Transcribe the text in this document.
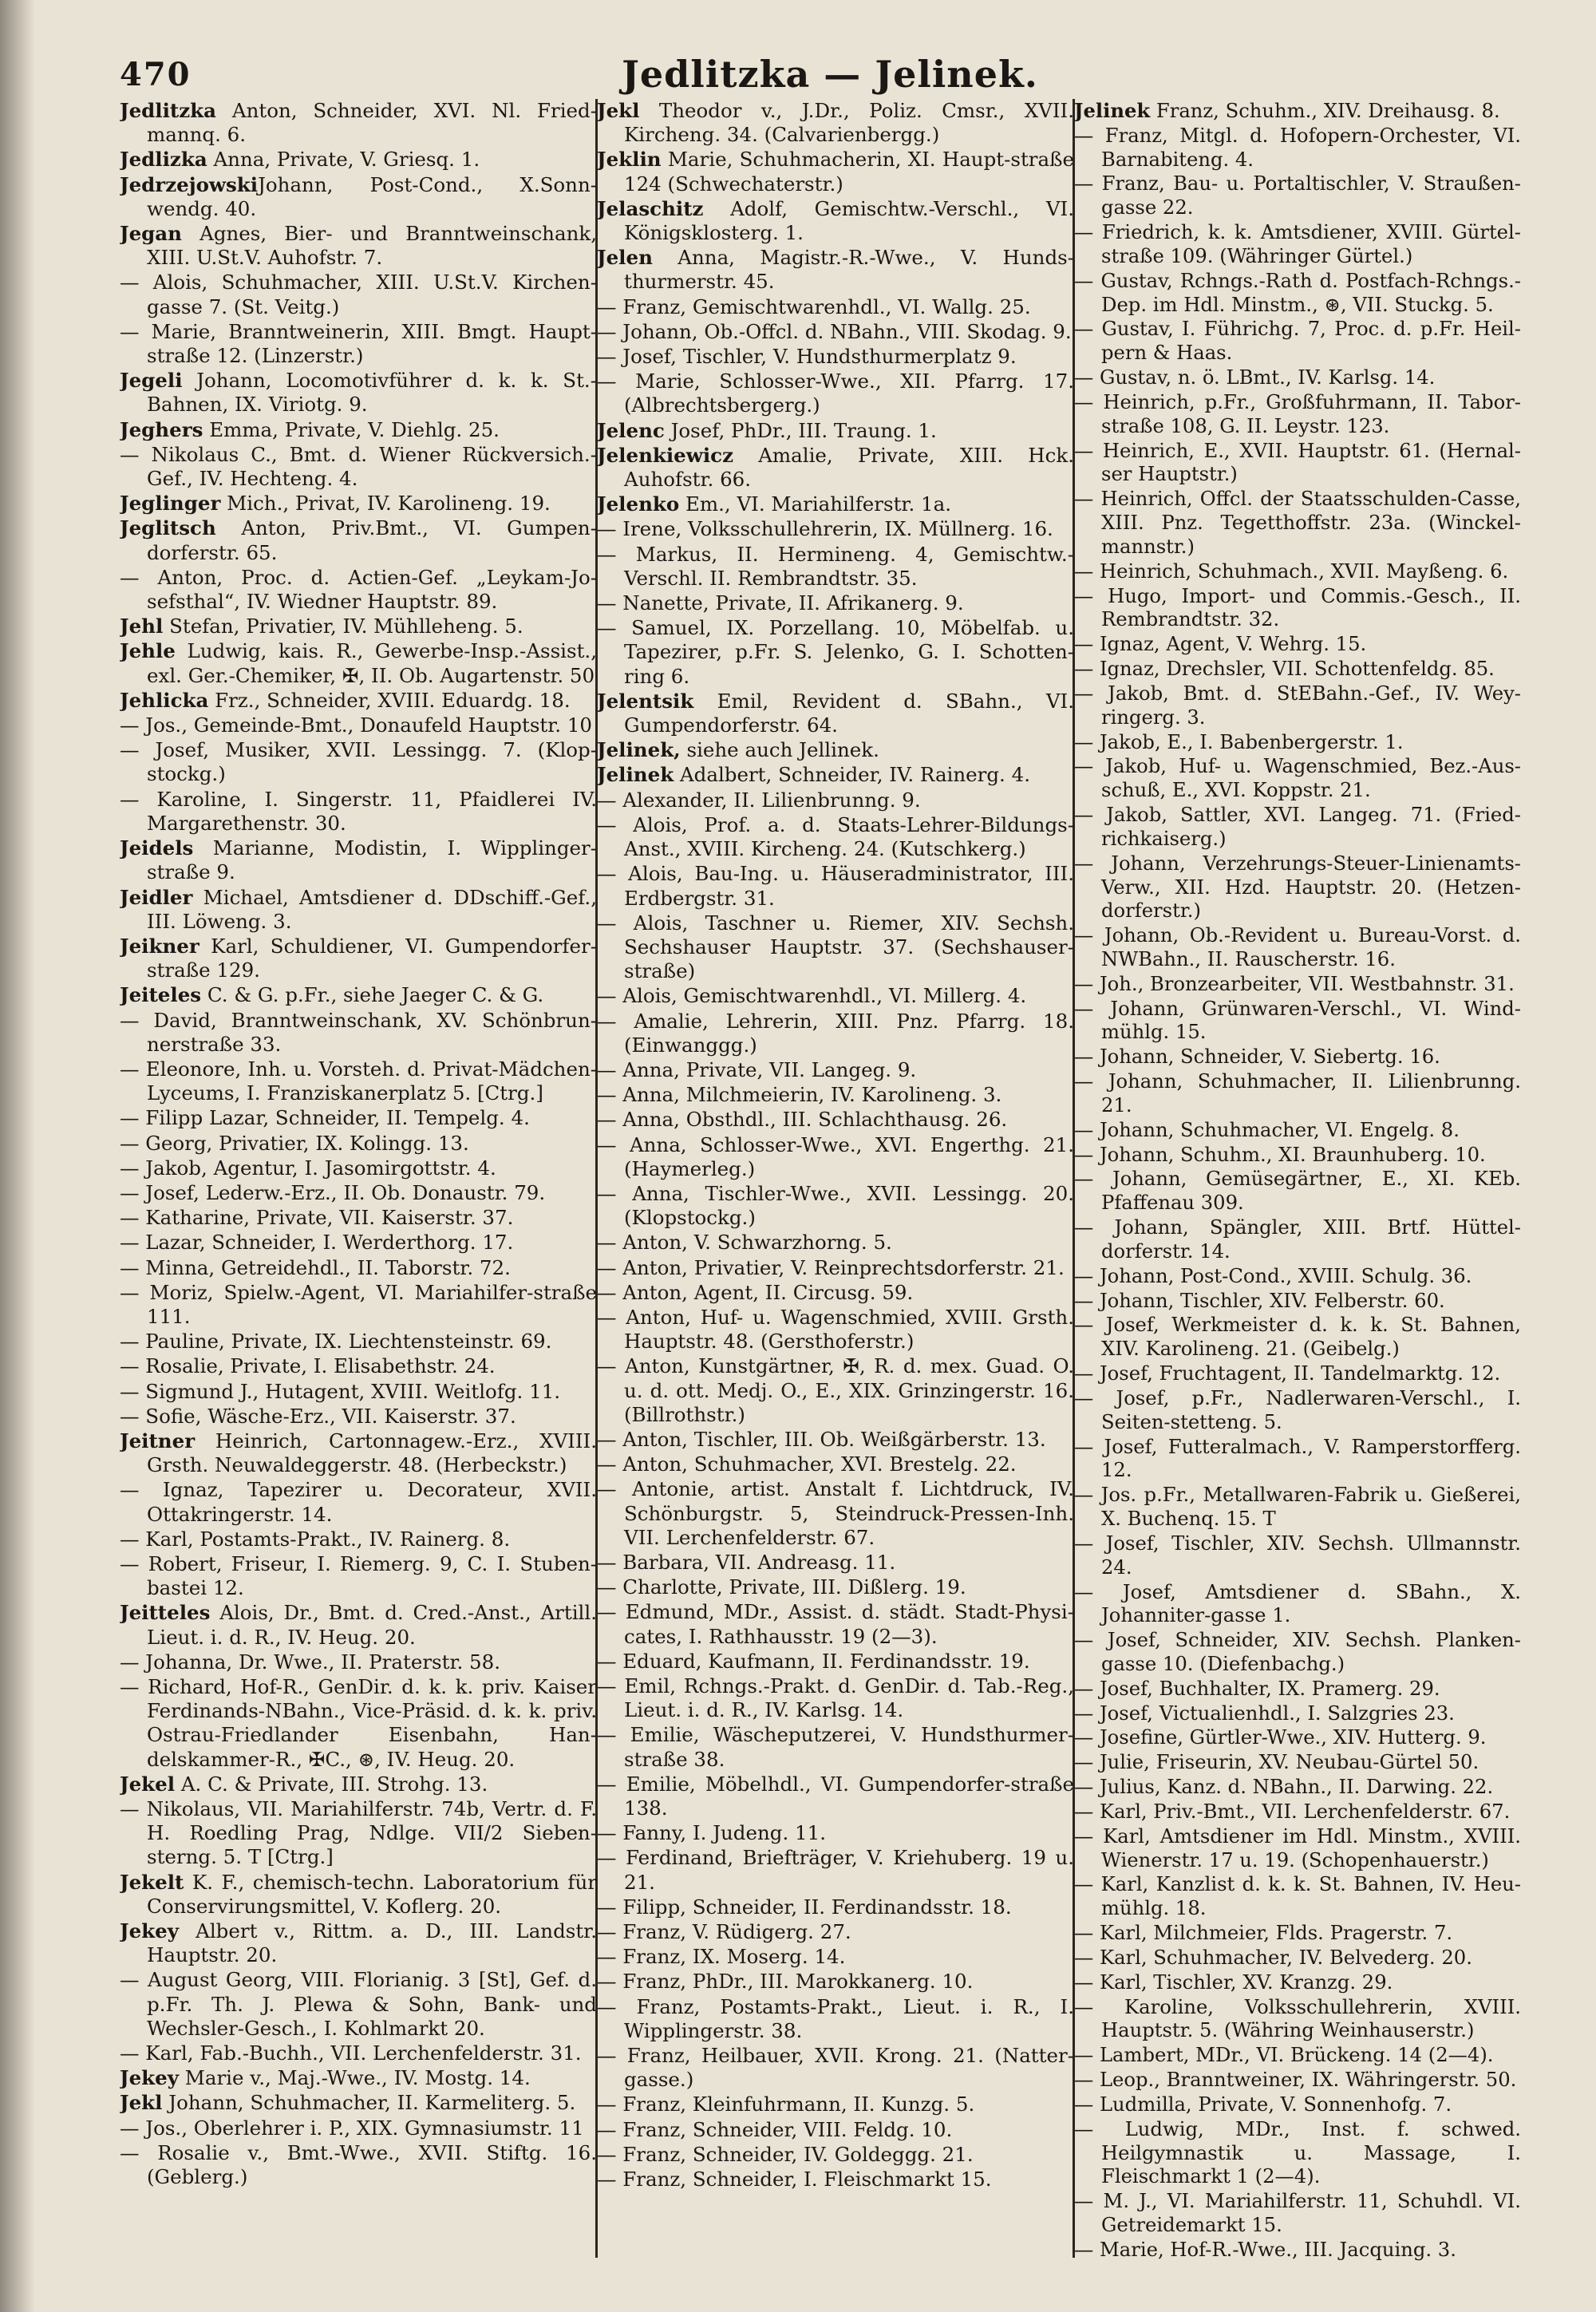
470	Jedlitzka — Jelinek.

Jedlitzka Anton, Schneider, XVI. Nl. Fried-mannq. 6.

Jedlizka Anna, Private, V. Griesq. 1.

JedrzejowskiJohann, Post-Cond., X.Sonn-wendg. 40.

Jegan Agnes, Bier- und Branntweinschank, XIII. U.St.V. Auhofstr. 7.

— Alois, Schuhmacher, XIII. U.St.V. Kirchen-gasse 7. (St. Veitg.)

— Marie, Branntweinerin, XIII. Bmgt. Haupt-straße 12. (Linzerstr.)

Jegeli Johann, Locomotivführer d. k. k. St.-Bahnen, IX. Viriotg. 9.

Jeghers Emma, Private, V. Diehlg. 25.

— Nikolaus C., Bmt. d. Wiener Rückversich.-Gef., IV. Hechteng. 4.

Jeglinger Mich., Privat, IV. Karolineng. 19.

Jeglitsch Anton, Priv.Bmt., VI. Gumpen-dorferstr. 65.

— Anton, Proc. d. Actien-Gef. „Leykam-Jo-sefsthal“, IV. Wiedner Hauptstr. 89.

Jehl Stefan, Privatier, IV. Mühlleheng. 5.

Jehle Ludwig, kais. R., Gewerbe-Insp.-Assist., exl. Ger.-Chemiker, ✠, II. Ob. Augartenstr. 50

Jehlicka Frz., Schneider, XVIII. Eduardg. 18.

— Jos., Gemeinde-Bmt., Donaufeld Hauptstr. 10

— Josef, Musiker, XVII. Lessingg. 7. (Klop-stockg.)

— Karoline, I. Singerstr. 11, Pfaidlerei IV. Margarethenstr. 30.

Jeidels Marianne, Modistin, I. Wipplinger-straße 9.

Jeidler Michael, Amtsdiener d. DDschiff.-Gef., III. Löweng. 3.

Jeikner Karl, Schuldiener, VI. Gumpendorfer-straße 129.

Jeiteles C. & G. p.Fr., siehe Jaeger C. & G.

— David, Branntweinschank, XV. Schönbrun-nerstraße 33.

— Eleonore, Inh. u. Vorsteh. d. Privat-Mädchen-Lyceums, I. Franziskanerplatz 5. [Ctrg.]

— Filipp Lazar, Schneider, II. Tempelg. 4.

— Georg, Privatier, IX. Kolingg. 13.

— Jakob, Agentur, I. Jasomirgottstr. 4.

— Josef, Lederw.-Erz., II. Ob. Donaustr. 79.

— Katharine, Private, VII. Kaiserstr. 37.

— Lazar, Schneider, I. Werderthorg. 17.

— Minna, Getreidehdl., II. Taborstr. 72.

— Moriz, Spielw.-Agent, VI. Mariahilfer-straße 111.

— Pauline, Private, IX. Liechtensteinstr. 69.

— Rosalie, Private, I. Elisabethstr. 24.

— Sigmund J., Hutagent, XVIII. Weitlofg. 11.

— Sofie, Wäsche-Erz., VII. Kaiserstr. 37.

Jeitner Heinrich, Cartonnagew.-Erz., XVIII. Grsth. Neuwaldeggerstr. 48. (Herbeckstr.)

— Ignaz, Tapezirer u. Decorateur, XVII. Ottakringerstr. 14.

— Karl, Postamts-Prakt., IV. Rainerg. 8.

— Robert, Friseur, I. Riemerg. 9, C. I. Stuben-bastei 12.

Jeitteles Alois, Dr., Bmt. d. Cred.-Anst., Artill. Lieut. i. d. R., IV. Heug. 20.

— Johanna, Dr. Wwe., II. Praterstr. 58.

— Richard, Hof-R., GenDir. d. k. k. priv. Kaiser Ferdinands-NBahn., Vice-Präsid. d. k. k. priv. Ostrau-Friedlander Eisenbahn, Han-delskammer-R., ✠C., ⊛, IV. Heug. 20.

Jekel A. C. & Private, III. Strohg. 13.

— Nikolaus, VII. Mariahilferstr. 74b, Vertr. d. F. H. Roedling Prag, Ndlge. VII/2 Sieben-sterng. 5. T [Ctrg.]

Jekelt K. F., chemisch-techn. Laboratorium für Conservirungsmittel, V. Koflerg. 20.

Jekey Albert v., Rittm. a. D., III. Landstr. Hauptstr. 20.

— August Georg, VIII. Florianig. 3 [St], Gef. d. p.Fr. Th. J. Plewa & Sohn, Bank- und Wechsler-Gesch., I. Kohlmarkt 20.

— Karl, Fab.-Buchh., VII. Lerchenfelderstr. 31.

Jekey Marie v., Maj.-Wwe., IV. Mostg. 14.

Jekl Johann, Schuhmacher, II. Karmeliterg. 5.

— Jos., Oberlehrer i. P., XIX. Gymnasiumstr. 11

— Rosalie v., Bmt.-Wwe., XVII. Stiftg. 16. (Geblerg.)

Jekl Theodor v., J.Dr., Poliz. Cmsr., XVII. Kircheng. 34. (Calvarienbergg.)

Jeklin Marie, Schuhmacherin, XI. Haupt-straße 124 (Schwechaterstr.)

Jelaschitz Adolf, Gemischtw.-Verschl., VI. Königsklosterg. 1.

Jelen Anna, Magistr.-R.-Wwe., V. Hunds-thurmerstr. 45.

— Franz, Gemischtwarenhdl., VI. Wallg. 25.

— Johann, Ob.-Offcl. d. NBahn., VIII. Skodag. 9.

— Josef, Tischler, V. Hundsthurmerplatz 9.

— Marie, Schlosser-Wwe., XII. Pfarrg. 17. (Albrechtsbergerg.)

Jelenc Josef, PhDr., III. Traung. 1.

Jelenkiewicz Amalie, Private, XIII. Hck. Auhofstr. 66.

Jelenko Em., VI. Mariahilferstr. 1a.

— Irene, Volksschullehrerin, IX. Müllnerg. 16.

— Markus, II. Hermineng. 4, Gemischtw.-Verschl. II. Rembrandtstr. 35.

— Nanette, Private, II. Afrikanerg. 9.

— Samuel, IX. Porzellang. 10, Möbelfab. u. Tapezirer, p.Fr. S. Jelenko, G. I. Schotten-ring 6.

Jelentsik Emil, Revident d. SBahn., VI. Gumpendorferstr. 64.

Jelinek, siehe auch Jellinek.

Jelinek Adalbert, Schneider, IV. Rainerg. 4.

— Alexander, II. Lilienbrunng. 9.

— Alois, Prof. a. d. Staats-Lehrer-Bildungs-Anst., XVIII. Kircheng. 24. (Kutschkerg.)

— Alois, Bau-Ing. u. Häuseradministrator, III. Erdbergstr. 31.

— Alois, Taschner u. Riemer, XIV. Sechsh. Sechshauser Hauptstr. 37. (Sechshauser-straße)

— Alois, Gemischtwarenhdl., VI. Millerg. 4.

— Amalie, Lehrerin, XIII. Pnz. Pfarrg. 18. (Einwanggg.)

— Anna, Private, VII. Langeg. 9.

— Anna, Milchmeierin, IV. Karolineng. 3.

— Anna, Obsthdl., III. Schlachthausg. 26.

— Anna, Schlosser-Wwe., XVI. Engerthg. 21. (Haymerleg.)

— Anna, Tischler-Wwe., XVII. Lessingg. 20. (Klopstockg.)

— Anton, V. Schwarzhorng. 5.

— Anton, Privatier, V. Reinprechtsdorferstr. 21.

— Anton, Agent, II. Circusg. 59.

— Anton, Huf- u. Wagenschmied, XVIII. Grsth. Hauptstr. 48. (Gersthoferstr.)

— Anton, Kunstgärtner, ✠, R. d. mex. Guad. O. u. d. ott. Medj. O., E., XIX. Grinzingerstr. 16. (Billrothstr.)

— Anton, Tischler, III. Ob. Weißgärberstr. 13.

— Anton, Schuhmacher, XVI. Brestelg. 22.

— Antonie, artist. Anstalt f. Lichtdruck, IV. Schönburgstr. 5, Steindruck-Pressen-Inh. VII. Lerchenfelderstr. 67.

— Barbara, VII. Andreasg. 11.

— Charlotte, Private, III. Dißlerg. 19.

— Edmund, MDr., Assist. d. städt. Stadt-Physi-cates, I. Rathhausstr. 19 (2—3).

— Eduard, Kaufmann, II. Ferdinandsstr. 19.

— Emil, Rchngs.-Prakt. d. GenDir. d. Tab.-Reg., Lieut. i. d. R., IV. Karlsg. 14.

— Emilie, Wäscheputzerei, V. Hundsthurmer-straße 38.

— Emilie, Möbelhdl., VI. Gumpendorfer-straße 138.

— Fanny, I. Judeng. 11.

— Ferdinand, Briefträger, V. Kriehuberg. 19 u. 21.

— Filipp, Schneider, II. Ferdinandsstr. 18.

— Franz, V. Rüdigerg. 27.

— Franz, IX. Moserg. 14.

— Franz, PhDr., III. Marokkanerg. 10.

— Franz, Postamts-Prakt., Lieut. i. R., I. Wipplingerstr. 38.

— Franz, Heilbauer, XVII. Krong. 21. (Natter-gasse.)

— Franz, Kleinfuhrmann, II. Kunzg. 5.

— Franz, Schneider, VIII. Feldg. 10.

— Franz, Schneider, IV. Goldeggg. 21.

— Franz, Schneider, I. Fleischmarkt 15.

Jelinek Franz, Schuhm., XIV. Dreihausg. 8.

— Franz, Mitgl. d. Hofopern-Orchester, VI. Barnabiteng. 4.

— Franz, Bau- u. Portaltischler, V. Straußen-gasse 22.

— Friedrich, k. k. Amtsdiener, XVIII. Gürtel-straße 109. (Währinger Gürtel.)

— Gustav, Rchngs.-Rath d. Postfach-Rchngs.-Dep. im Hdl. Minstm., ⊛, VII. Stuckg. 5.

— Gustav, I. Führichg. 7, Proc. d. p.Fr. Heil-pern & Haas.

— Gustav, n. ö. LBmt., IV. Karlsg. 14.

— Heinrich, p.Fr., Großfuhrmann, II. Tabor-straße 108, G. II. Leystr. 123.

— Heinrich, E., XVII. Hauptstr. 61. (Hernal-ser Hauptstr.)

— Heinrich, Offcl. der Staatsschulden-Casse, XIII. Pnz. Tegetthoffstr. 23a. (Winckel-mannstr.)

— Heinrich, Schuhmach., XVII. Mayßeng. 6.

— Hugo, Import- und Commis.-Gesch., II. Rembrandtstr. 32.

— Ignaz, Agent, V. Wehrg. 15.

— Ignaz, Drechsler, VII. Schottenfeldg. 85.

— Jakob, Bmt. d. StEBahn.-Gef., IV. Wey-ringerg. 3.

— Jakob, E., I. Babenbergerstr. 1.

— Jakob, Huf- u. Wagenschmied, Bez.-Aus-schuß, E., XVI. Koppstr. 21.

— Jakob, Sattler, XVI. Langeg. 71. (Fried-richkaiserg.)

— Johann, Verzehrungs-Steuer-Linienamts-Verw., XII. Hzd. Hauptstr. 20. (Hetzen-dorferstr.)

— Johann, Ob.-Revident u. Bureau-Vorst. d. NWBahn., II. Rauscherstr. 16.

— Joh., Bronzearbeiter, VII. Westbahnstr. 31.

— Johann, Grünwaren-Verschl., VI. Wind-mühlg. 15.

— Johann, Schneider, V. Siebertg. 16.

— Johann, Schuhmacher, II. Lilienbrunng. 21.

— Johann, Schuhmacher, VI. Engelg. 8.

— Johann, Schuhm., XI. Braunhuberg. 10.

— Johann, Gemüsegärtner, E., XI. KEb. Pfaffenau 309.

— Johann, Spängler, XIII. Brtf. Hüttel-dorferstr. 14.

— Johann, Post-Cond., XVIII. Schulg. 36.

— Johann, Tischler, XIV. Felberstr. 60.

— Josef, Werkmeister d. k. k. St. Bahnen, XIV. Karolineng. 21. (Geibelg.)

— Josef, Fruchtagent, II. Tandelmarktg. 12.

— Josef, p.Fr., Nadlerwaren-Verschl., I. Seiten-stetteng. 5.

— Josef, Futteralmach., V. Ramperstorfferg. 12.

— Jos. p.Fr., Metallwaren-Fabrik u. Gießerei, X. Buchenq. 15. T

— Josef, Tischler, XIV. Sechsh. Ullmannstr. 24.

— Josef, Amtsdiener d. SBahn., X. Johanniter-gasse 1.

— Josef, Schneider, XIV. Sechsh. Planken-gasse 10. (Diefenbachg.)

— Josef, Buchhalter, IX. Pramerg. 29.

— Josef, Victualienhdl., I. Salzgries 23.

— Josefine, Gürtler-Wwe., XIV. Hutterg. 9.

— Julie, Friseurin, XV. Neubau-Gürtel 50.

— Julius, Kanz. d. NBahn., II. Darwing. 22.

— Karl, Priv.-Bmt., VII. Lerchenfelderstr. 67.

— Karl, Amtsdiener im Hdl. Minstm., XVIII. Wienerstr. 17 u. 19. (Schopenhauerstr.)

— Karl, Kanzlist d. k. k. St. Bahnen, IV. Heu-mühlg. 18.

— Karl, Milchmeier, Flds. Pragerstr. 7.

— Karl, Schuhmacher, IV. Belvederg. 20.

— Karl, Tischler, XV. Kranzg. 29.

— Karoline, Volksschullehrerin, XVIII. Hauptstr. 5. (Währing Weinhauserstr.)

— Lambert, MDr., VI. Brückeng. 14 (2—4).

— Leop., Branntweiner, IX. Währingerstr. 50.

— Ludmilla, Private, V. Sonnenhofg. 7.

— Ludwig, MDr., Inst. f. schwed. Heilgymnastik u. Massage, I. Fleischmarkt 1 (2—4).

— M. J., VI. Mariahilferstr. 11, Schuhdl. VI. Getreidemarkt 15.

— Marie, Hof-R.-Wwe., III. Jacquing. 3.
